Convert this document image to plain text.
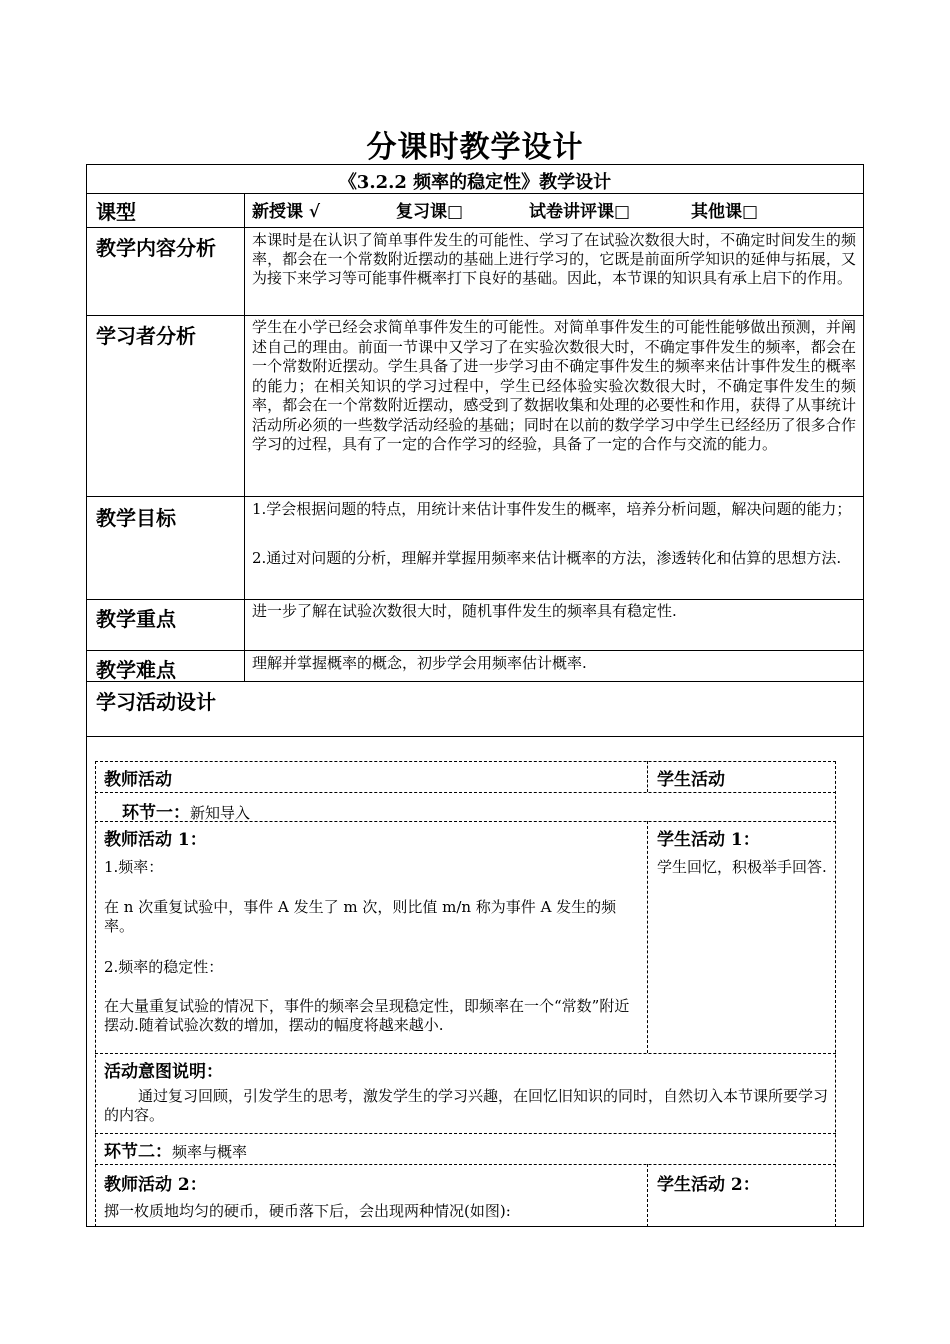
分课时教学设计
《3.2.2 频率的稳定性》教学设计
课型	新授课 √	复习课□	试卷讲评课□	其他课□
教学内容分析 本课时是在认识了简单事件发生的可能性、学习了在试验次数很大时，不确定时间发生的频率，都会在一个常数附近摆动的基础上进行学习的，它既是前面所学知识的延伸与拓展，又为接下来学习等可能事件概率打下良好的基础。因此，本节课的知识具有承上启下的作用。
学习者分析	学生在小学已经会求简单事件发生的可能性。对简单事件发生的可能性能够做出预测，并阐述自己的理由。前面一节课中又学习了在实验次数很大时，不确定事件发生的频率，都会在一个常数附近摆动。学生具备了进一步学习由不确定事件发生的频率来估计事件发生的概率的能力；在相关知识的学习过程中，学生已经体验实验次数很大时，不确定事件发生的频率，都会在一个常数附近摆动，感受到了数据收集和处理的必要性和作用，获得了从事统计活动所必须的一些数学活动经验的基础；同时在以前的数学学习中学生已经经历了很多合作学习的过程，具有了一定的合作学习的经验，具备了一定的合作与交流的能力。
教学目标	1.学会根据问题的特点，用统计来估计事件发生的概率，培养分析问题，解决问题的能力；
2.通过对问题的分析，理解并掌握用频率来估计概率的方法，渗透转化和估算的思想方法.
教学重点	进一步了解在试验次数很大时，随机事件发生的频率具有稳定性.
教学难点	理解并掌握概率的概念，初步学会用频率估计概率.
学习活动设计
教师活动	学生活动
环节一：新知导入
教师活动 1：
1.频率：
在 n 次重复试验中，事件 A 发生了 m 次，则比值 m/n 称为事件 A 发生的频率。
2.频率的稳定性：
在大量重复试验的情况下，事件的频率会呈现稳定性，即频率在一个“常数”附近摆动.随着试验次数的增加，摆动的幅度将越来越小.
学生活动 1：
学生回忆，积极举手回答.
活动意图说明：
通过复习回顾，引发学生的思考，激发学生的学习兴趣，在回忆旧知识的同时，自然切入本节课所要学习的内容。
环节二：频率与概率
教师活动 2：
掷一枚质地均匀的硬币，硬币落下后，会出现两种情况(如图):
学生活动 2：
